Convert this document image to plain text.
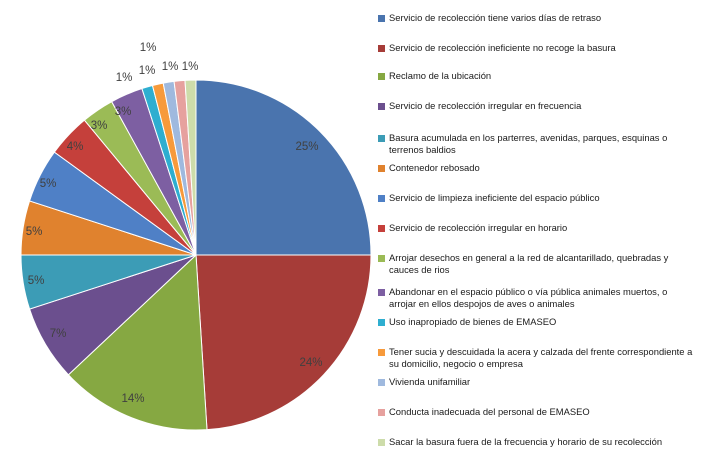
25%
24%
14%
7%
5%
5%
5%
4%
3%
3%
1%
1%
1%
1% 1%
Servicio de recolección tiene varios días de retraso
Servicio de recolección ineficiente no recoge la basura
Reclamo de la ubicación
Servicio de recolección irregular en frecuencia
Basura acumulada en los parterres, avenidas, parques, esquinas o terrenos baldios
Contenedor rebosado
Servicio de limpieza ineficiente del espacio público
Servicio de recolección irregular en horario
Arrojar desechos en general a la red de alcantarillado, quebradas y cauces de rios
Abandonar en el espacio público o vía pública animales muertos, o arrojar en ellos despojos de aves o animales
Uso inapropiado de bienes de EMASEO
Tener sucia y descuidada la acera y calzada del frente correspondiente a su domicilio, negocio o empresa
Vivienda unifamiliar
Conducta inadecuada del personal de EMASEO
Sacar la basura fuera de la frecuencia y horario de su recolección
